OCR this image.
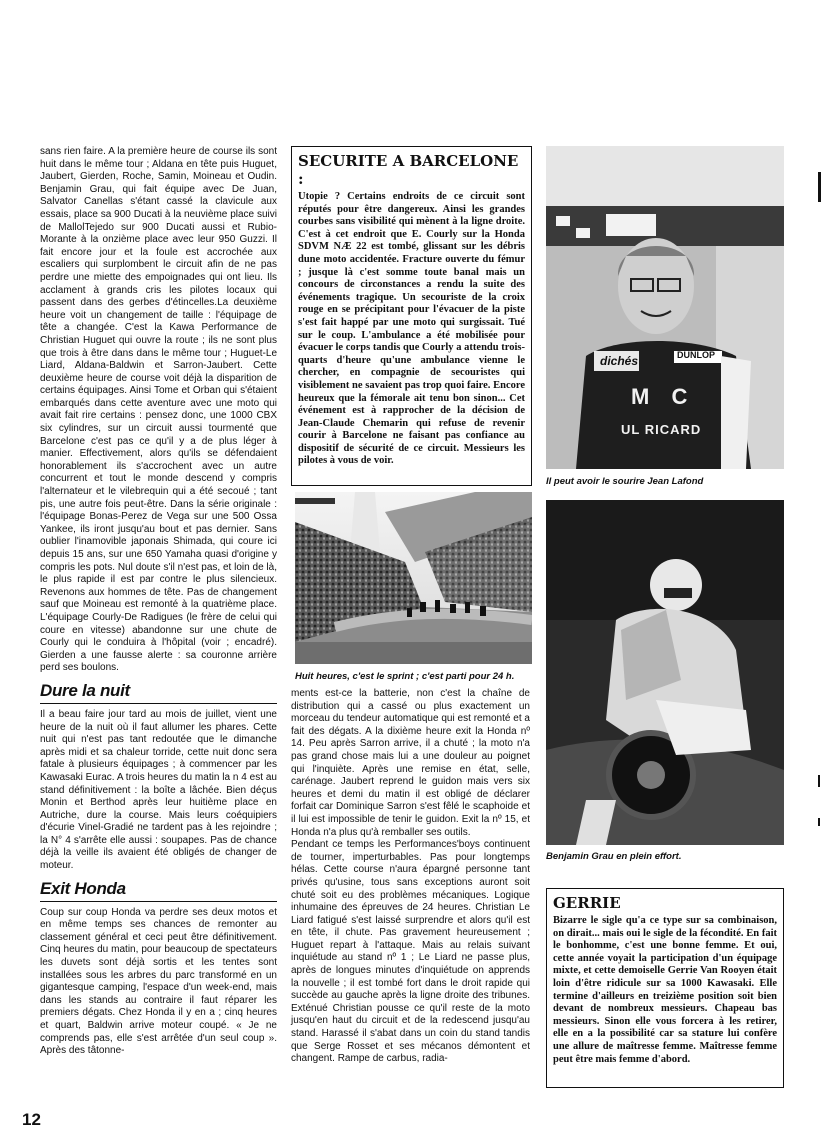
sans rien faire. A la première heure de course ils sont huit dans le même tour ; Aldana en tête puis Huguet, Jaubert, Gierden, Roche, Samin, Moineau et Oudin. Benjamin Grau, qui fait équipe avec De Juan, Salvator Canellas s'étant cassé la clavicule aux essais, place sa 900 Ducati à la neuvième place suivi de MallolTejedo sur 900 Ducati aussi et Rubio-Morante à la onzième place avec leur 950 Guzzi. Il fait encore jour et la foule est accrochée aux escaliers qui surplombent le circuit afin de ne pas perdre une miette des empoignades qui ont lieu. Ils acclament à grands cris les pilotes locaux qui passent dans des gerbes d'étincelles.La deuxième heure voit un changement de taille : l'équipage de tête a changée. C'est la Kawa Performance de Christian Huguet qui ouvre la route ; ils ne sont plus que trois à être dans dans le même tour ; Huguet-Le Liard, Aldana-Baldwin et Sarron-Jaubert. Cette deuxième heure de course voit déjà la disparition de certains équipages. Ainsi Tome et Orban qui s'étaient embarqués dans cette aventure avec une moto qui avait fait rire certains : pensez donc, une 1000 CBX six cylindres, sur un circuit aussi tourmenté que Barcelone c'est pas ce qu'il y a de plus léger à manier. Effectivement, alors qu'ils se défendaient honorablement ils s'accrochent avec un autre concurrent et tout le monde descend y compris l'alternateur et le vilebrequin qui a été secoué ; tant pis, une autre fois peut-être. Dans la série originale : l'équipage Bonas-Perez de Vega sur une 500 Ossa Yankee, ils iront jusqu'au bout et pas dernier. Sans oublier l'inamovible japonais Shimada, qui coure ici depuis 15 ans, sur une 650 Yamaha quasi d'origine y compris les pots. Nul doute s'il n'est pas, et loin de là, le plus rapide il est par contre le plus silencieux. Revenons aux hommes de tête. Pas de changement sauf que Moineau est remonté à la quatrième place. L'équipage Courly-De Radigues (le frère de celui qui coure en vitesse) abandonne sur une chute de Courly qui le conduira à l'hôpital (voir ; encadré). Gierden a une fausse alerte : sa couronne arrière perd ses boulons.

Dure la nuit

Il a beau faire jour tard au mois de juillet, vient une heure de la nuit où il faut allumer les phares. Cette nuit qui n'est pas tant redoutée que le dimanche après midi et sa chaleur torride, cette nuit donc sera fatale à plusieurs équipages ; à commencer par les Kawasaki Eurac. A trois heures du matin la n 4 est au stand définitivement : la boîte a lâchée. Bien déçus Monin et Berthod après leur huitième place en Autriche, dure la course. Mais leurs coéquipiers d'écurie Vinel-Gradié ne tardent pas à les rejoindre ; la N° 4 s'arrête elle aussi : soupapes. Pas de chance déjà la veille ils avaient été obligés de changer de moteur.

Exit Honda

Coup sur coup Honda va perdre ses deux motos et en même temps ses chances de remonter au classement général et ceci peut être définitivement. Cinq heures du matin, pour beaucoup de spectateurs les duvets sont déjà sortis et les tentes sont installées sous les arbres du parc transformé en un gigantesque camping, l'espace d'un week-end, mais dans les stands au contraire il faut réparer les premiers dégats. Chez Honda il y en a ; cinq heures et quart, Baldwin arrive moteur coupé. « Je ne comprends pas, elle s'est arrêtée d'un seul coup ». Après des tâtonne-

SECURITE A BARCELONE :
Utopie ? Certains endroits de ce circuit sont réputés pour être dangereux. Ainsi les grandes courbes sans visibilité qui mènent à la ligne droite. C'est à cet endroit que E. Courly sur la Honda SDVM NÆ 22 est tombé, glissant sur les débris dune moto accidentée. Fracture ouverte du fémur ; jusque là c'est somme toute banal mais un concours de circonstances a rendu la suite des événements tragique. Un secouriste de la croix rouge en se précipitant pour l'évacuer de la piste s'est fait happé par une moto qui surgissait. Tué sur le coup. L'ambulance a été mobilisée pour évacuer le corps tandis que Courly a attendu trois-quarts d'heure qu'une ambulance vienne le chercher, en compagnie de secouristes qui visiblement ne savaient pas trop quoi faire. Encore heureux que la fémorale ait tenu bon sinon... Cet événement est à rapprocher de la décision de Jean-Claude Chemarin qui refuse de revenir courir à Barcelone ne faisant pas confiance au dispositif de sécurité de ce circuit. Messieurs les pilotes à vous de voir.
Huit heures, c'est le sprint ; c'est parti pour 24 h.
dichés	DUNLOP
M C
UL RICARD
Il peut avoir le sourire Jean Lafond
Benjamin Grau en plein effort.

ments est-ce la batterie, non c'est la chaîne de distribution qui a cassé ou plus exactement un morceau du tendeur automatique qui est remonté et a fait des dégats. A la dixième heure exit la Honda nº 14. Peu après Sarron arrive, il a chuté ; la moto n'a pas grand chose mais lui a une douleur au poignet qui l'inquiète. Après une remise en état, selle, carénage. Jaubert reprend le guidon mais vers six heures et demi du matin il est obligé de déclarer forfait car Dominique Sarron s'est fêlé le scaphoide et il lui est impossible de tenir le guidon. Exit la nº 15, et Honda n'a plus qu'à remballer ses outils.

Pendant ce temps les Performances'boys continuent de tourner, imperturbables. Pas pour longtemps hélas. Cette course n'aura épargné personne tant privés qu'usine, tous sans exceptions auront soit chuté soit eu des problèmes mécaniques. Logique inhumaine des épreuves de 24 heures. Christian Le Liard fatigué s'est laissé surprendre et alors qu'il est en tête, il chute. Pas gravement heureusement ; Huguet repart à l'attaque. Mais au relais suivant inquiétude au stand nº 1 ; Le Liard ne passe plus, après de longues minutes d'inquiétude on apprends la nouvelle ; il est tombé fort dans le droit rapide qui succède au gauche après la ligne droite des tribunes. Exténué Christian pousse ce qu'il reste de la moto jusqu'en haut du circuit et de la redescend jusqu'au stand. Harassé il s'abat dans un coin du stand tandis que Serge Rosset et ses mécanos démontent et changent. Rampe de carbus, radia-

GERRIE
Bizarre le sigle qu'a ce type sur sa combinaison, on dirait... mais oui le sigle de la fécondité. En fait le bonhomme, c'est une bonne femme. Et oui, cette année voyait la participation d'un équipage mixte, et cette demoiselle Gerrie Van Rooyen était loin d'être ridicule sur sa 1000 Kawasaki. Elle termine d'ailleurs en treizième position soit bien devant de nombreux messieurs. Chapeau bas messieurs. Sinon elle vous forcera à les retirer, elle en a la possibilité car sa stature lui confère une allure de maîtresse femme. Maîtresse femme peut être mais femme d'abord.
12
